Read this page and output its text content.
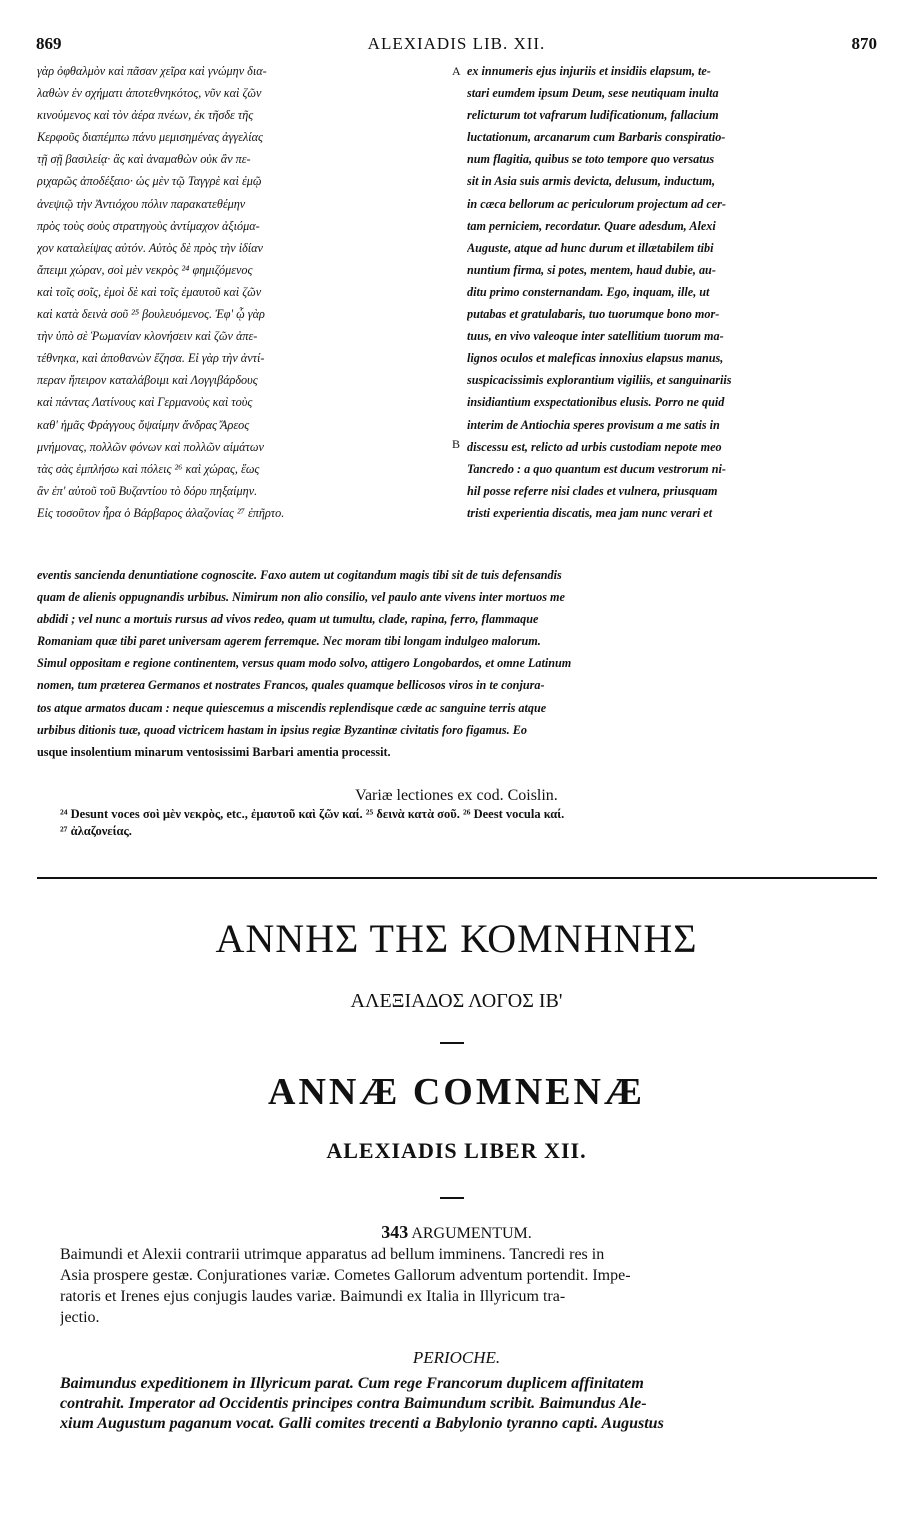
869	ALEXIADIS LIB. XII.	870
A
B
γὰρ ὀφθαλμὸν καὶ πᾶσαν χεῖρα καὶ γνώμην δια-
λαθὼν ἐν σχήματι ἀποτεθνηκότος, νῦν καὶ ζῶν
κινούμενος καὶ τὸν ἀέρα πνέων, ἐκ τῆσδε τῆς
Κερφοῦς διαπέμπω πάνυ μεμισημένας ἀγγελίας
τῇ σῇ βασιλείᾳ· ἃς καὶ ἀναμαθὼν οὐκ ἂν πε-
ριχαρῶς ἀποδέξαιο· ὡς μὲν τῷ Ταγγρὲ καὶ ἐμῷ
ἀνεψιῷ τὴν Ἀντιόχου πόλιν παρακατεθέμην
πρὸς τοὺς σοὺς στρατηγοὺς ἀντίμαχον ἀξιόμα-
χον καταλείψας αὐτόν. Αὐτὸς δὲ πρὸς τὴν ἰδίαν
ἄπειμι χώραν, σοὶ μὲν νεκρὸς ²⁴ φημιζόμενος
καὶ τοῖς σοῖς, ἐμοὶ δὲ καὶ τοῖς ἐμαυτοῦ καὶ ζῶν
καὶ κατὰ δεινὰ σοῦ ²⁵ βουλευόμενος. Ἐφ' ᾧ γὰρ
τὴν ὑπὸ σὲ Ῥωμανίαν κλονήσειν καὶ ζῶν ἀπε-
τέθνηκα, καὶ ἀποθανὼν ἔζησα. Εἰ γὰρ τὴν ἀντί-
περαν ἤπειρον καταλάβοιμι καὶ Λογγιβάρδους
καὶ πάντας Λατίνους καὶ Γερμανοὺς καὶ τοὺς
καθ' ἡμᾶς Φράγγους ὄψαίμην ἄνδρας Ἄρεος
μνήμονας, πολλῶν φόνων καὶ πολλῶν αἱμάτων
τὰς σὰς ἐμπλήσω καὶ πόλεις ²⁶ καὶ χώρας, ἕως
ἂν ἐπ' αὐτοῦ τοῦ Βυζαντίου τὸ δόρυ πηξαίμην.
Εἰς τοσοῦτον ἦρα ὁ Βάρβαρος ἀλαζονίας ²⁷ ἐπῆρτο.
ex innumeris ejus injuriis et insidiis elapsum, te-
stari eumdem ipsum Deum, sese neutiquam inulta
relicturum tot vafrarum ludificationum, fallacium
luctationum, arcanarum cum Barbaris conspiratio-
num flagitia, quibus se toto tempore quo versatus
sit in Asia suis armis devicta, delusum, inductum,
in cæca bellorum ac periculorum projectum ad cer-
tam perniciem, recordatur. Quare adesdum, Alexi
Auguste, atque ad hunc durum et illætabilem tibi
nuntium firma, si potes, mentem, haud dubie, au-
ditu primo consternandam. Ego, inquam, ille, ut
putabas et gratulabaris, tuo tuorumque bono mor-
tuus, en vivo valeoque inter satellitium tuorum ma-
lignos oculos et maleficas innoxius elapsus manus,
suspicacissimis explorantium vigiliis, et sanguinariis
insidiantium exspectationibus elusis. Porro ne quid
interim de Antiochia speres provisum a me satis in
discessu est, relicto ad urbis custodiam nepote meo
Tancredo : a quo quantum est ducum vestrorum ni-
hil posse referre nisi clades et vulnera, priusquam
tristi experientia discatis, mea jam nunc verari et
eventis sancienda denuntiatione cognoscite. Faxo autem ut cogitandum magis tibi sit de tuis defensandis
quam de alienis oppugnandis urbibus. Nimirum non alio consilio, vel paulo ante vivens inter mortuos me
abdidi ; vel nunc a mortuis rursus ad vivos redeo, quam ut tumultu, clade, rapina, ferro, flammaque
Romaniam quæ tibi paret universam agerem ferremque. Nec moram tibi longam indulgeo malorum.
Simul oppositam e regione continentem, versus quam modo solvo, attigero Longobardos, et omne Latinum
nomen, tum præterea Germanos et nostrates Francos, quales quamque bellicosos viros in te conjura-
tos atque armatos ducam : neque quiescemus a miscendis replendisque cæde ac sanguine terris atque
urbibus ditionis tuæ, quoad victricem hastam in ipsius regiæ Byzantinæ civitatis foro figamus. Eo
usque insolentium minarum ventosissimi Barbari amentia processit.
Variæ lectiones ex cod. Coislin.
²⁴ Desunt voces σοὶ μὲν νεκρὸς, etc., ἐμαυτοῦ καὶ ζῶν καί. ²⁵ δεινὰ κατὰ σοῦ. ²⁶ Deest vocula καί.
²⁷ ἀλαζονείας.
ΑΝΝΗΣ ΤΗΣ ΚΟΜΝΗΝΗΣ
ΑΛΕΞΙΑΔΟΣ ΛΟΓΟΣ ΙΒ'
ANNÆ COMNENÆ
ALEXIADIS LIBER XII.
343 ARGUMENTUM.
Baimundi et Alexii contrarii utrimque apparatus ad bellum imminens. Tancredi res in
Asia prospere gestæ. Conjurationes variæ. Cometes Gallorum adventum portendit. Impe-
ratoris et Irenes ejus conjugis laudes variæ. Baimundi ex Italia in Illyricum tra-
jectio.
PERIOCHE.
Baimundus expeditionem in Illyricum parat. Cum rege Francorum duplicem affinitatem
contrahit. Imperator ad Occidentis principes contra Baimundum scribit. Baimundus Ale-
xium Augustum paganum vocat. Galli comites trecenti a Babylonio tyranno capti. Augustus
